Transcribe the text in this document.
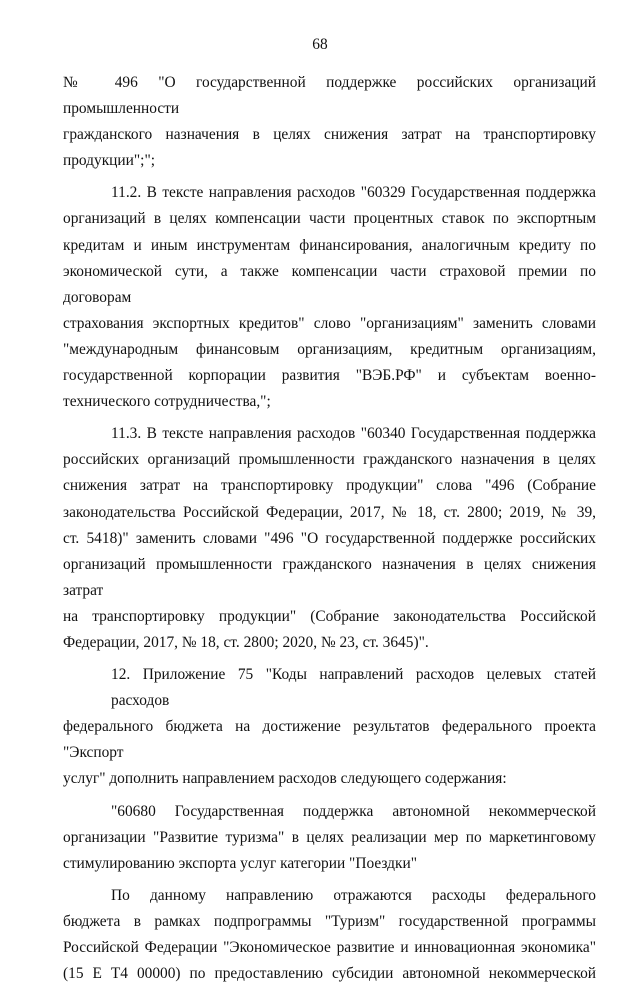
68
№ 496 "О государственной поддержке российских организаций промышленности
гражданского назначения в целях снижения затрат на транспортировку
продукции";";
11.2. В тексте направления расходов "60329 Государственная поддержка
организаций в целях компенсации части процентных ставок по экспортным
кредитам и иным инструментам финансирования, аналогичным кредиту по
экономической сути, а также компенсации части страховой премии по договорам
страхования экспортных кредитов" слово "организациям" заменить словами
"международным финансовым организациям, кредитным организациям,
государственной корпорации развития "ВЭБ.РФ" и субъектам военно-
технического сотрудничества,";
11.3. В тексте направления расходов "60340 Государственная поддержка
российских организаций промышленности гражданского назначения в целях
снижения затрат на транспортировку продукции" слова "496 (Собрание
законодательства Российской Федерации, 2017, № 18, ст. 2800; 2019, № 39,
ст. 5418)" заменить словами "496 "О государственной поддержке российских
организаций промышленности гражданского назначения в целях снижения затрат
на транспортировку продукции" (Собрание законодательства Российской
Федерации, 2017, № 18, ст. 2800; 2020, № 23, ст. 3645)".
12. Приложение 75 "Коды направлений расходов целевых статей расходов
федерального бюджета на достижение результатов федерального проекта "Экспорт
услуг" дополнить направлением расходов следующего содержания:
"60680 Государственная поддержка автономной некоммерческой
организации "Развитие туризма" в целях реализации мер по маркетинговому
стимулированию экспорта услуг категории "Поездки"
По данному направлению отражаются расходы федерального
бюджета в рамках подпрограммы "Туризм" государственной программы
Российской Федерации "Экономическое развитие и инновационная экономика"
(15 Е Т4 00000) по предоставлению субсидии автономной некоммерческой
